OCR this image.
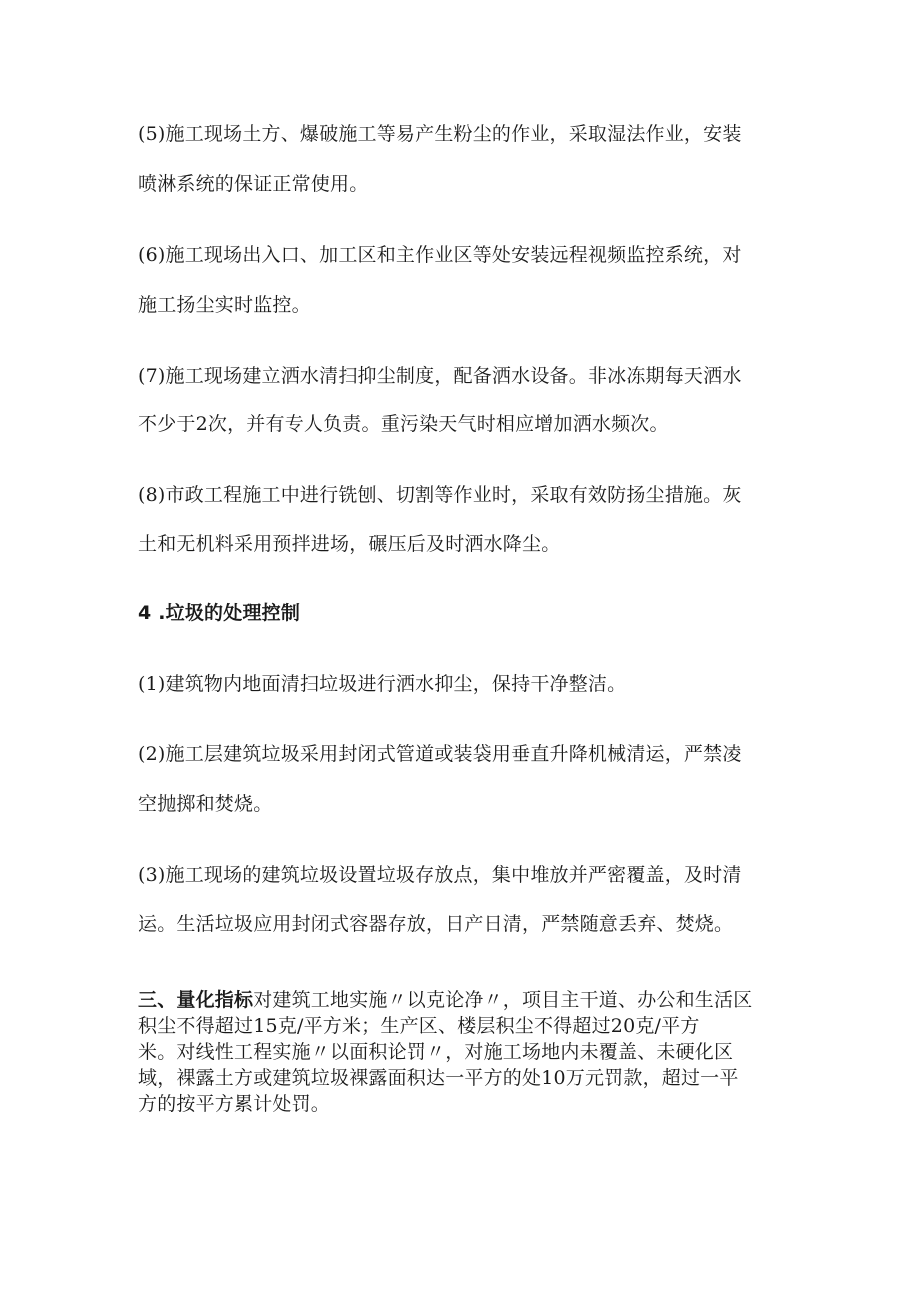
(5)施工现场土方、爆破施工等易产生粉尘的作业，采取湿法作业，安装
喷淋系统的保证正常使用。
(6)施工现场出入口、加工区和主作业区等处安装远程视频监控系统，对
施工扬尘实时监控。
(7)施工现场建立洒水清扫抑尘制度，配备洒水设备。非冰冻期每天洒水
不少于2次，并有专人负责。重污染天气时相应增加洒水频次。
(8)市政工程施工中进行铣刨、切割等作业时，采取有效防扬尘措施。灰
土和无机料采用预拌进场，碾压后及时洒水降尘。
4 .垃圾的处理控制
(1)建筑物内地面清扫垃圾进行洒水抑尘，保持干净整洁。
(2)施工层建筑垃圾采用封闭式管道或装袋用垂直升降机械清运，严禁凌
空抛掷和焚烧。
(3)施工现场的建筑垃圾设置垃圾存放点，集中堆放并严密覆盖，及时清
运。生活垃圾应用封闭式容器存放，日产日清，严禁随意丢弃、焚烧。
三、量化指标对建筑工地实施〃以克论净〃，项目主干道、办公和生活区
积尘不得超过15克/平方米；生产区、楼层积尘不得超过20克/平方
米。对线性工程实施〃以面积论罚〃，对施工场地内未覆盖、未硬化区
域，裸露土方或建筑垃圾裸露面积达一平方的处10万元罚款，超过一平
方的按平方累计处罚。
